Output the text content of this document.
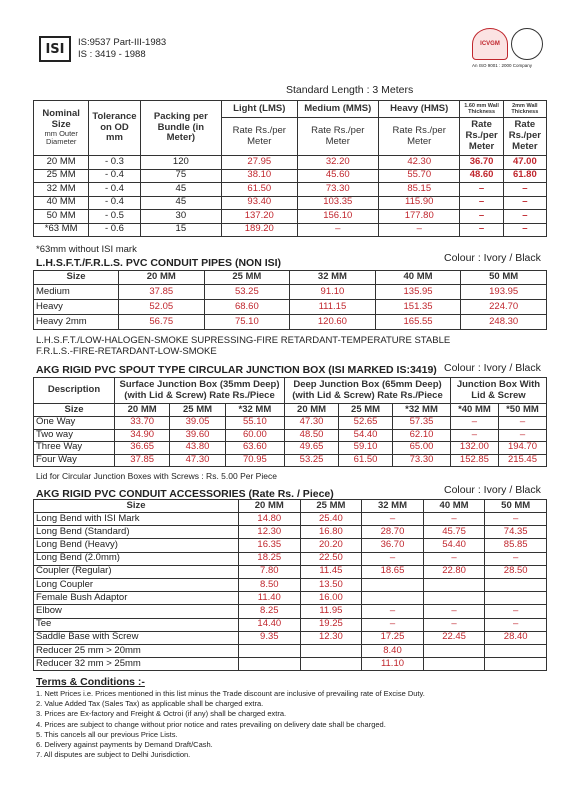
ISI	IS:9537 Part-III-1983
IS : 3419 - 1988
ICVGM
An ISO 9001 : 2000 Company
Standard Length : 3 Meters
Nominal Size
mm Outer Diameter	Tolerance on OD mm	Packing per Bundle (in Meter)	Light (LMS)	Medium (MMS)	Heavy (HMS)	1.60 mm Wall Thickness	2mm Wall Thickness
			Rate Rs./per Meter	Rate Rs./per Meter	Rate Rs./per Meter	Rate Rs./per Meter	Rate Rs./per Meter
20 MM	- 0.3	120	27.95	32.20	42.30	36.70	47.00
25 MM	- 0.4	75	38.10	45.60	55.70	48.60	61.80
32 MM	- 0.4	45	61.50	73.30	85.15	–	–
40 MM	- 0.4	45	93.40	103.35	115.90	–	–
50 MM	- 0.5	30	137.20	156.10	177.80	–	–
*63 MM	- 0.6	15	189.20	–	–	–	–
*63mm without ISI mark
L.H.S.F.T./F.R.L.S. PVC CONDUIT PIPES (NON ISI)	Colour : Ivory / Black
Size	20 MM	25 MM	32 MM	40 MM	50 MM
Medium	37.85	53.25	91.10	135.95	193.95
Heavy	52.05	68.60	111.15	151.35	224.70
Heavy 2mm	56.75	75.10	120.60	165.55	248.30
L.H.S.F.T./LOW-HALOGEN-SMOKE SUPRESSING-FIRE RETARDANT-TEMPERATURE STABLE
F.R.L.S.-FIRE-RETARDANT-LOW-SMOKE
AKG RIGID PVC SPOUT TYPE CIRCULAR JUNCTION BOX (ISI MARKED IS:3419) Colour : Ivory / Black
Description	Surface Junction Box (35mm Deep) (with Lid & Screw) Rate Rs./Piece			Deep Junction Box (65mm Deep) (with Lid & Screw) Rate Rs./Piece			Junction Box With Lid & Screw	
Size	20 MM	25 MM	*32 MM	20 MM	25 MM	*32 MM	*40 MM	*50 MM
One Way	33.70	39.05	55.10	47.30	52.65	57.35	–	–
Two way	34.90	39.60	60.00	48.50	54.40	62.10	–	–
Three Way	36.65	43.80	63.60	49.65	59.10	65.00	132.00	194.70
Four Way	37.85	47.30	70.95	53.25	61.50	73.30	152.85	215.45
Lid for Circular Junction Boxes with Screws : Rs. 5.00 Per Piece
AKG RIGID PVC CONDUIT ACCESSORIES (Rate Rs. / Piece)	Colour : Ivory / Black
Size	20 MM	25 MM	32 MM	40 MM	50 MM
Long Bend with ISI Mark	14.80	25.40	–	–	–
Long Bend (Standard)	12.30	16.80	28.70	45.75	74.35
Long Bend (Heavy)	16.35	20.20	36.70	54.40	85.85
Long Bend (2.0mm)	18.25	22.50	–	–	–
Coupler (Regular)	7.80	11.45	18.65	22.80	28.50
Long Coupler	8.50	13.50			
Female Bush Adaptor	11.40	16.00			
Elbow	8.25	11.95	–	–	–
Tee	14.40	19.25	–	–	–
Saddle Base with Screw	9.35	12.30	17.25	22.45	28.40
Reducer 25 mm > 20mm			8.40		
Reducer 32 mm > 25mm			11.10		
Terms & Conditions :-
1. Nett Prices i.e. Prices mentioned in this list minus the Trade discount are inclusive of prevailing rate of Excise Duty.
2. Value Added Tax (Sales Tax) as applicable shall be charged extra.
3. Prices are Ex-factory and Freight & Octroi (if any) shall be charged extra.
4. Prices are subject to change without prior notice and rates prevailing on delivery date shall be charged.
5. This cancels all our previous Price Lists.
6. Delivery against payments by Demand Draft/Cash.
7. All disputes are subject to Delhi Jurisdiction.
